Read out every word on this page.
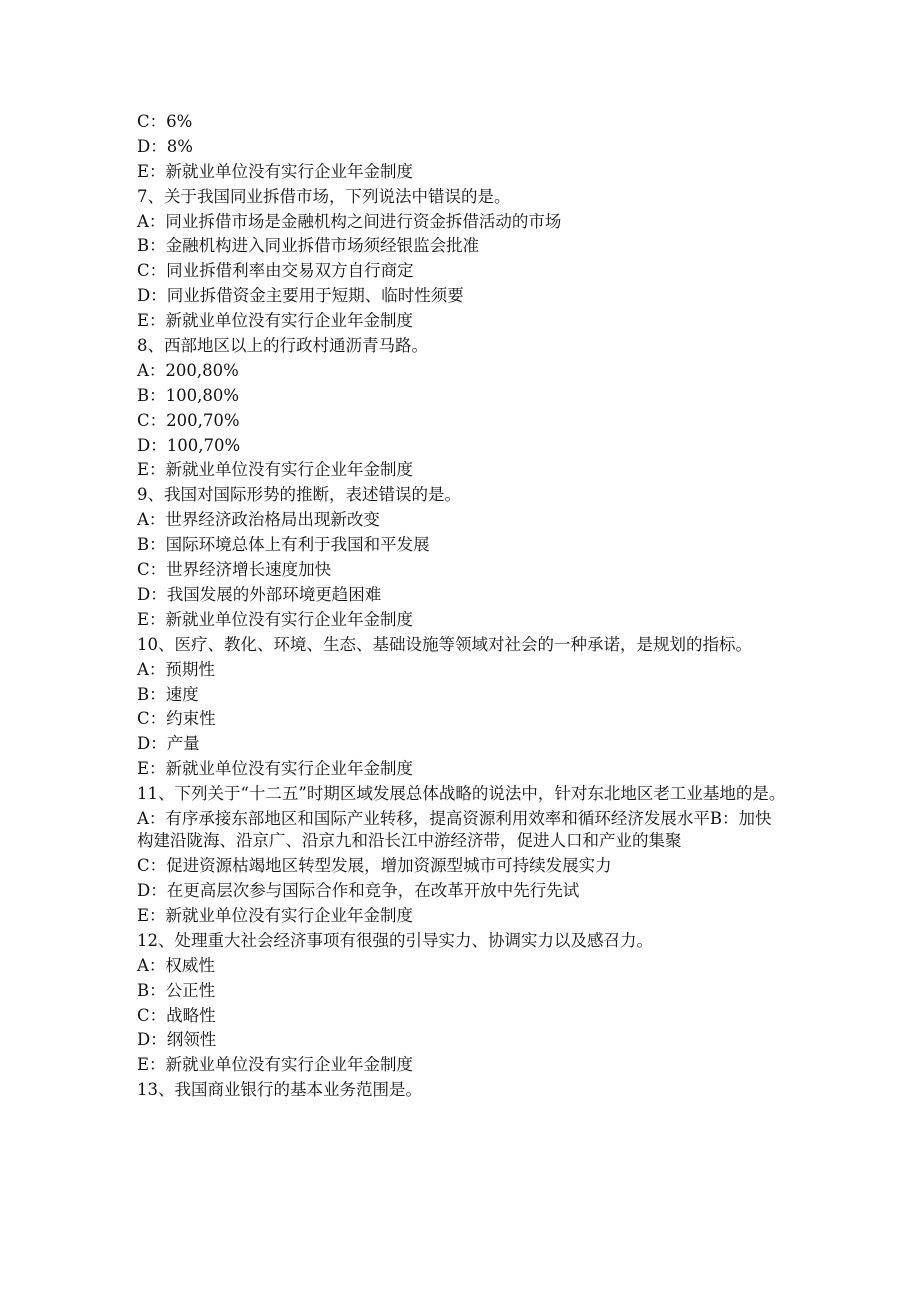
C：6%
D：8%
E：新就业单位没有实行企业年金制度
7、关于我国同业拆借市场，下列说法中错误的是。
A：同业拆借市场是金融机构之间进行资金拆借活动的市场
B：金融机构进入同业拆借市场须经银监会批准
C：同业拆借利率由交易双方自行商定
D：同业拆借资金主要用于短期、临时性须要
E：新就业单位没有实行企业年金制度
8、西部地区以上的行政村通沥青马路。
A：200,80%
B：100,80%
C：200,70%
D：100,70%
E：新就业单位没有实行企业年金制度
9、我国对国际形势的推断，表述错误的是。
A：世界经济政治格局出现新改变
B：国际环境总体上有利于我国和平发展
C：世界经济增长速度加快
D：我国发展的外部环境更趋困难
E：新就业单位没有实行企业年金制度
10、医疗、教化、环境、生态、基础设施等领域对社会的一种承诺，是规划的指标。
A：预期性
B：速度
C：约束性
D：产量
E：新就业单位没有实行企业年金制度
11、下列关于“十二五”时期区域发展总体战略的说法中，针对东北地区老工业基地的是。
A：有序承接东部地区和国际产业转移，提高资源利用效率和循环经济发展水平B：加快构建沿陇海、沿京广、沿京九和沿长江中游经济带，促进人口和产业的集聚
C：促进资源枯竭地区转型发展，增加资源型城市可持续发展实力
D：在更高层次参与国际合作和竞争，在改革开放中先行先试
E：新就业单位没有实行企业年金制度
12、处理重大社会经济事项有很强的引导实力、协调实力以及感召力。
A：权威性
B：公正性
C：战略性
D：纲领性
E：新就业单位没有实行企业年金制度
13、我国商业银行的基本业务范围是。
